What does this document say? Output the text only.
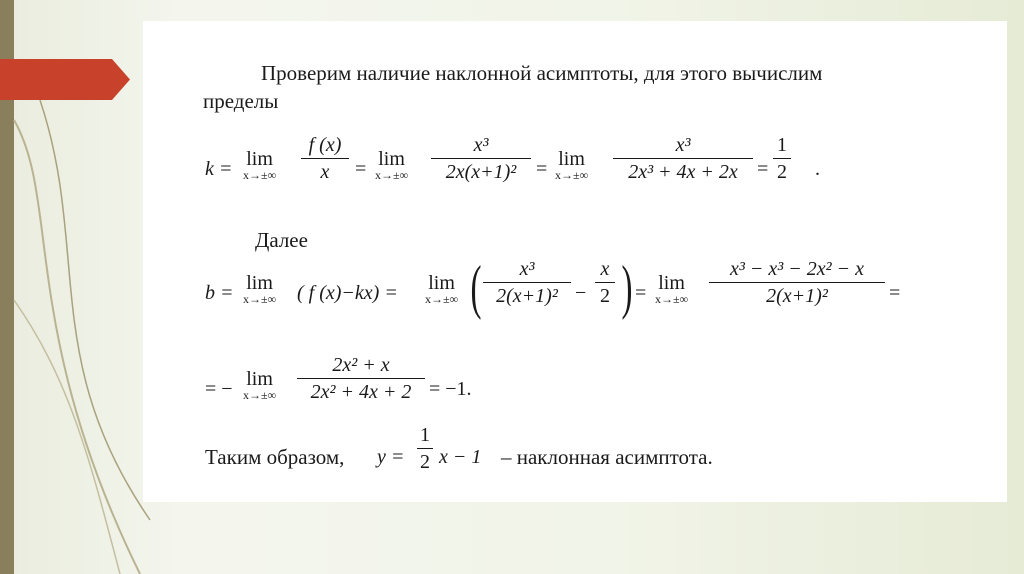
Проверим наличие наклонной асимптоты, для этого вычислим
пределы
k = lim
x→±∞
f (x)
x	= lim
x→±∞
x³
2x(x+1)² = lim
x→±∞
x³
2x³ + 4x + 2x =
1
2 .
Далее
b = lim
x→±∞ ( f (x)−kx) = lim
x→±∞ (	x³
2(x+1)² −
x
2 ) = lim
x→±∞
x³ − x³ − 2x² − x
2(x+1)²	=
= − lim
x→±∞
2x² + x
2x² + 4x + 2 = −1.
Таким образом, y =
1
2 x − 1 – наклонная асимптота.
